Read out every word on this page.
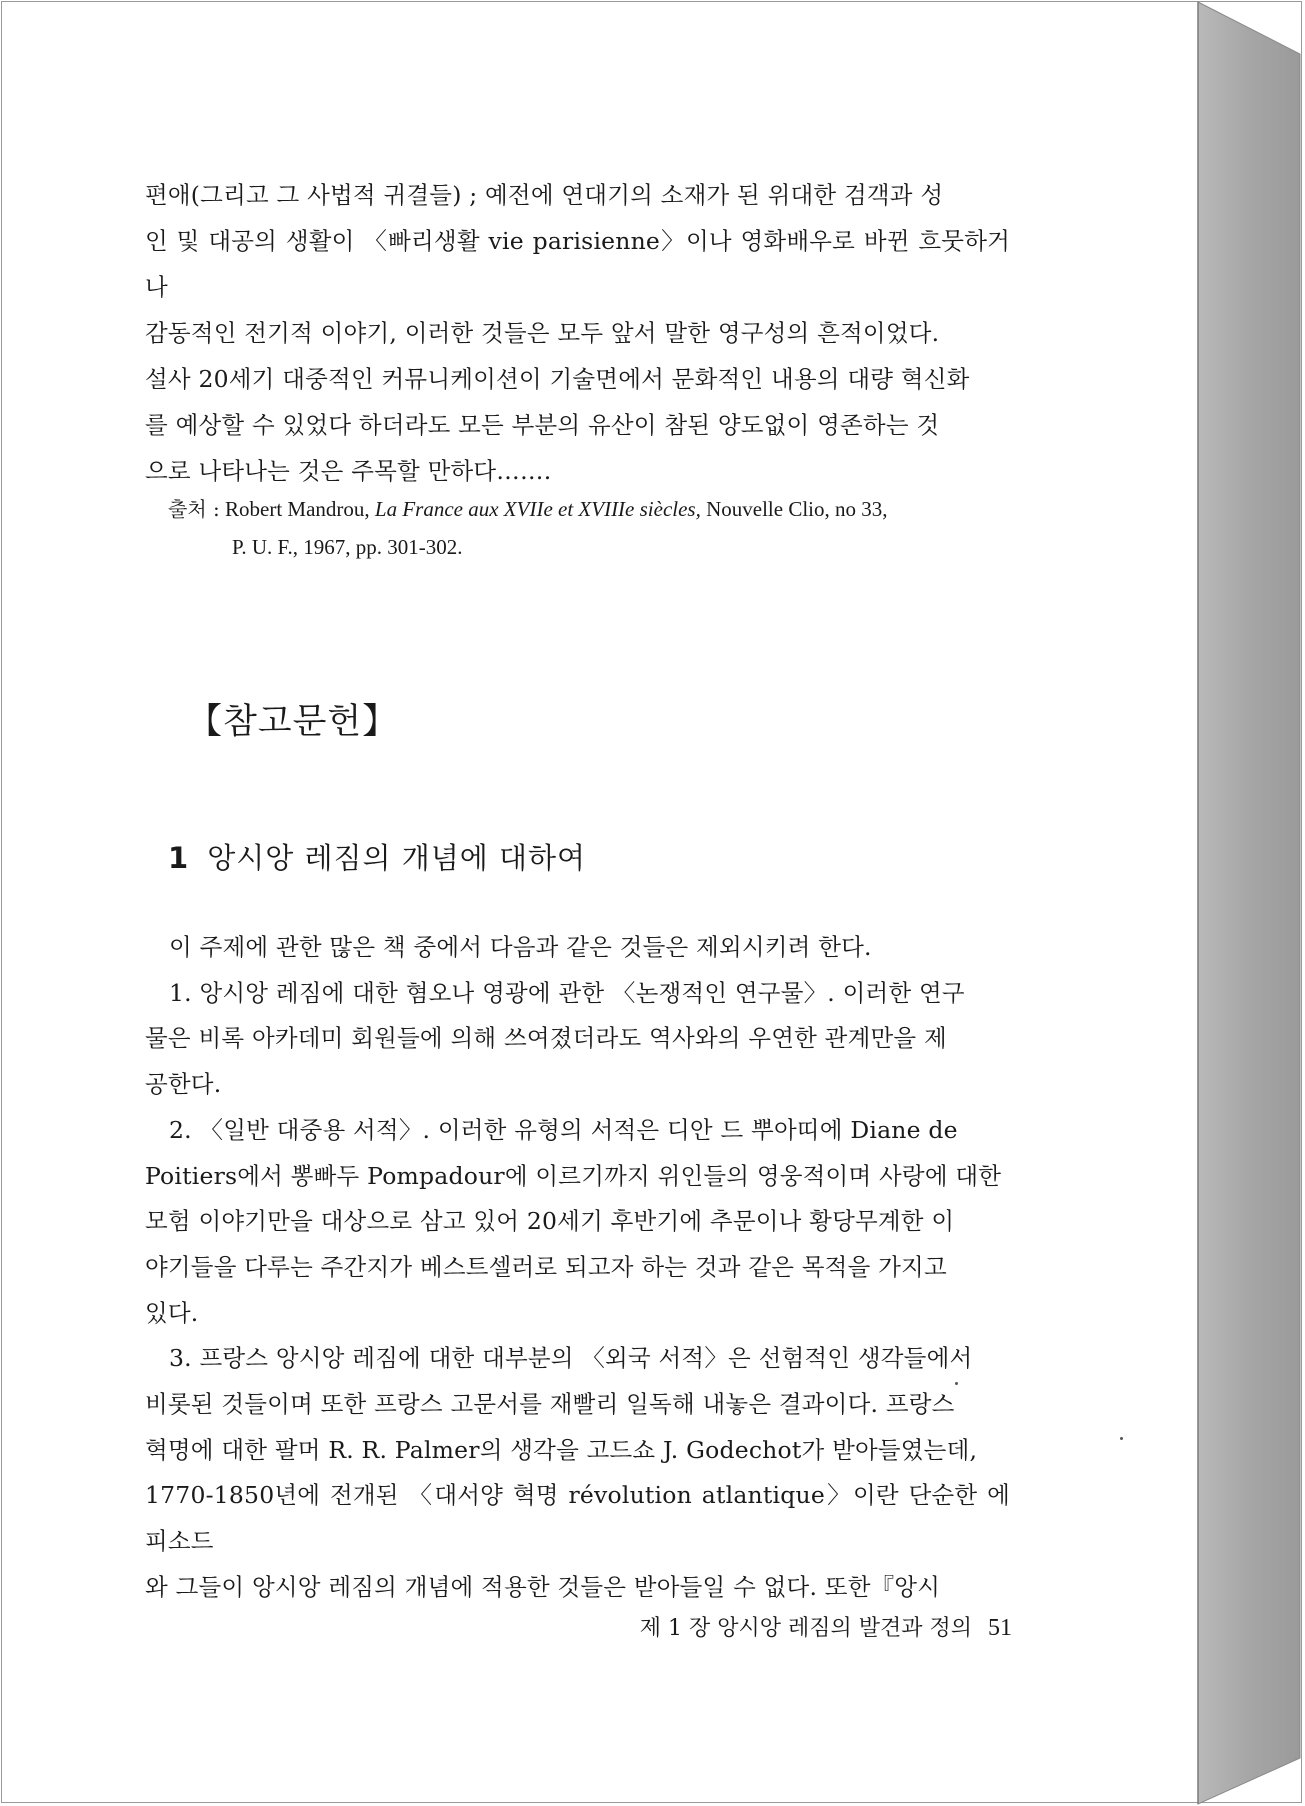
편애(그리고 그 사법적 귀결들) ; 예전에 연대기의 소재가 된 위대한 검객과 성

인 및 대공의 생활이 〈빠리생활 vie parisienne〉이나 영화배우로 바뀐 흐뭇하거나

감동적인 전기적 이야기, 이러한 것들은 모두 앞서 말한 영구성의 흔적이었다.

설사 20세기 대중적인 커뮤니케이션이 기술면에서 문화적인 내용의 대량 혁신화

를 예상할 수 있었다 하더라도 모든 부분의 유산이 참된 양도없이 영존하는 것

으로 나타나는 것은 주목할 만하다…….

출처 : Robert Mandrou, La France aux XVIIe et XVIIIe siècles, Nouvelle Clio, no 33,
P. U. F., 1967, pp. 301-302.
【참고문헌】
1 앙시앙 레짐의 개념에 대하여

이 주제에 관한 많은 책 중에서 다음과 같은 것들은 제외시키려 한다.

1. 앙시앙 레짐에 대한 혐오나 영광에 관한 〈논쟁적인 연구물〉. 이러한 연구

물은 비록 아카데미 회원들에 의해 쓰여졌더라도 역사와의 우연한 관계만을 제

공한다.

2. 〈일반 대중용 서적〉. 이러한 유형의 서적은 디안 드 뿌아띠에 Diane de

Poitiers에서 뽕빠두 Pompadour에 이르기까지 위인들의 영웅적이며 사랑에 대한

모험 이야기만을 대상으로 삼고 있어 20세기 후반기에 추문이나 황당무계한 이

야기들을 다루는 주간지가 베스트셀러로 되고자 하는 것과 같은 목적을 가지고

있다.

3. 프랑스 앙시앙 레짐에 대한 대부분의 〈외국 서적〉은 선험적인 생각들에서

비롯된 것들이며 또한 프랑스 고문서를 재빨리 일독해 내놓은 결과이다. 프랑스

혁명에 대한 팔머 R. R. Palmer의 생각을 고드쇼 J. Godechot가 받아들였는데,

1770-1850년에 전개된 〈대서양 혁명 révolution atlantique〉이란 단순한 에피소드

와 그들이 앙시앙 레짐의 개념에 적용한 것들은 받아들일 수 없다. 또한『앙시

제 1 장 앙시앙 레짐의 발견과 정의 51
